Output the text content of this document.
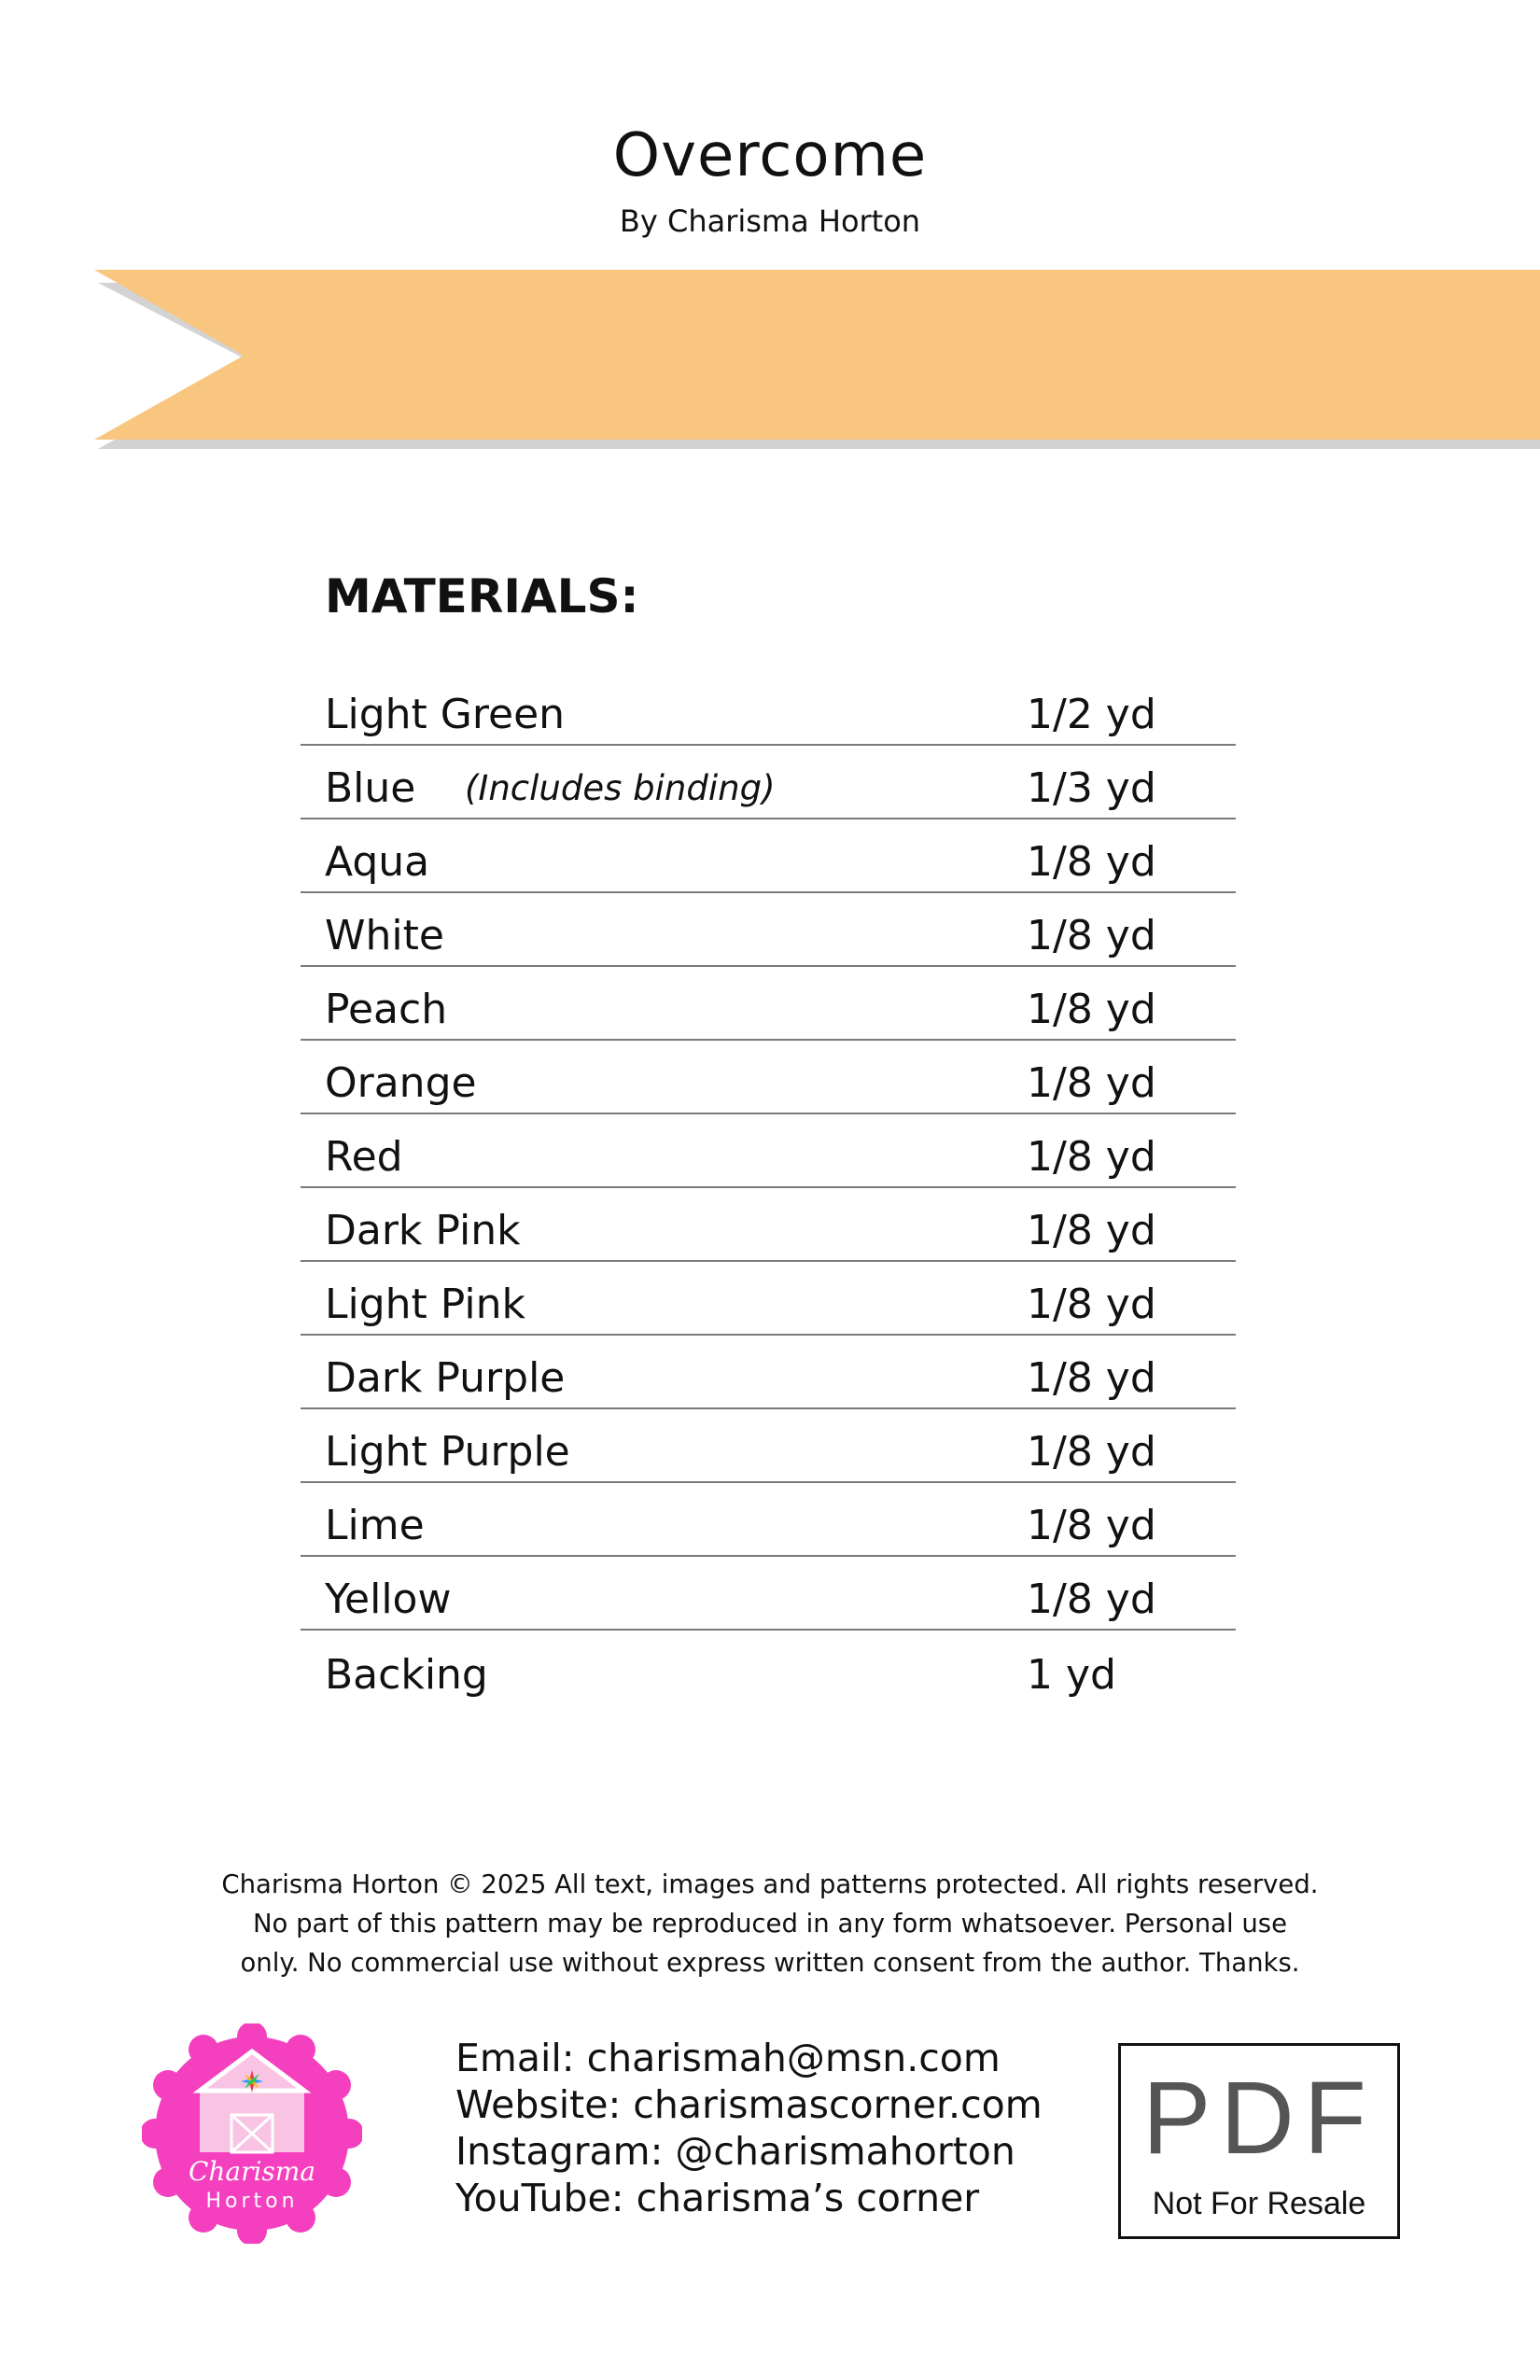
Overcome
By Charisma Horton
MATERIALS:
Light Green	1/2 yd
Blue (Includes binding)	1/3 yd
Aqua	1/8 yd
White	1/8 yd
Peach	1/8 yd
Orange	1/8 yd
Red	1/8 yd
Dark Pink	1/8 yd
Light Pink	1/8 yd
Dark Purple	1/8 yd
Light Purple	1/8 yd
Lime	1/8 yd
Yellow	1/8 yd
Backing	1 yd
Charisma Horton © 2025 All text, images and patterns protected. All rights reserved.
No part of this pattern may be reproduced in any form whatsoever. Personal use
only. No commercial use without express written consent from the author. Thanks.
Charisma
Horton
Email: charismah@msn.com
Website: charismascorner.com
Instagram: @charismahorton
YouTube: charisma’s corner
PDF
Not For Resale
